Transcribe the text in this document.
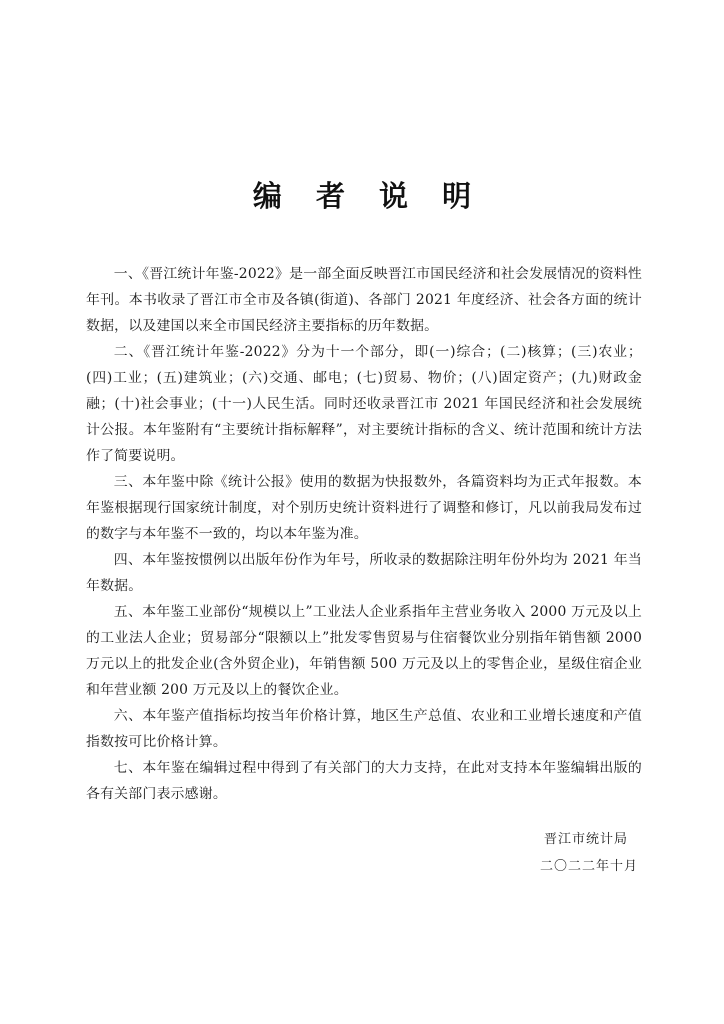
编 者 说 明

一、《晋江统计年鉴-2022》是一部全面反映晋江市国民经济和社会发展情况的资料性年刊。本书收录了晋江市全市及各镇(街道)、各部门 2021 年度经济、社会各方面的统计数据，以及建国以来全市国民经济主要指标的历年数据。

二、《晋江统计年鉴-2022》分为十一个部分，即(一)综合；(二)核算；(三)农业；(四)工业；(五)建筑业；(六)交通、邮电；(七)贸易、物价；(八)固定资产；(九)财政金融；(十)社会事业；(十一)人民生活。同时还收录晋江市 2021 年国民经济和社会发展统计公报。本年鉴附有“主要统计指标解释”，对主要统计指标的含义、统计范围和统计方法作了简要说明。

三、本年鉴中除《统计公报》使用的数据为快报数外，各篇资料均为正式年报数。本年鉴根据现行国家统计制度，对个别历史统计资料进行了调整和修订，凡以前我局发布过的数字与本年鉴不一致的，均以本年鉴为准。

四、本年鉴按惯例以出版年份作为年号，所收录的数据除注明年份外均为 2021 年当年数据。

五、本年鉴工业部份“规模以上”工业法人企业系指年主营业务收入 2000 万元及以上的工业法人企业；贸易部分“限额以上”批发零售贸易与住宿餐饮业分别指年销售额 2000 万元以上的批发企业(含外贸企业)，年销售额 500 万元及以上的零售企业，星级住宿企业和年营业额 200 万元及以上的餐饮企业。

六、本年鉴产值指标均按当年价格计算，地区生产总值、农业和工业增长速度和产值指数按可比价格计算。

七、本年鉴在编辑过程中得到了有关部门的大力支持，在此对支持本年鉴编辑出版的各有关部门表示感谢。

晋江市统计局
二〇二二年十月
